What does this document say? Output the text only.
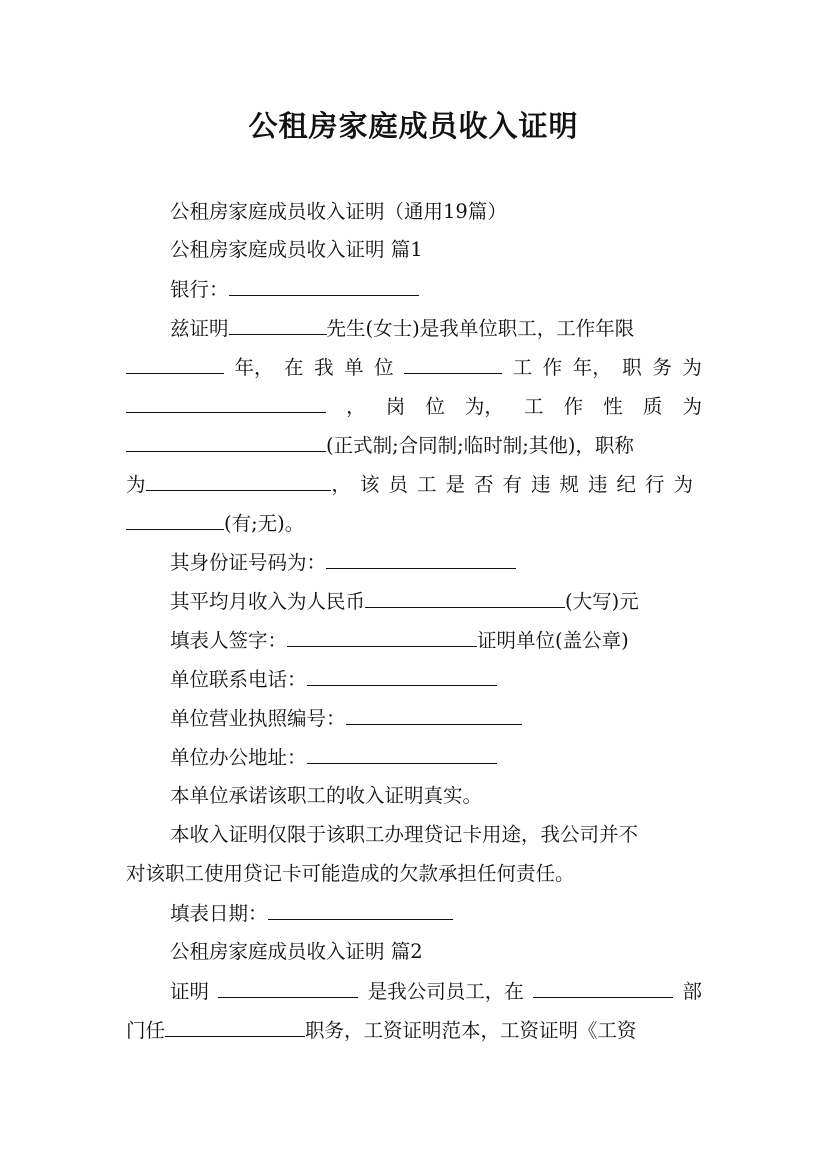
公租房家庭成员收入证明
公租房家庭成员收入证明（通用19篇）
公租房家庭成员收入证明 篇1
银行：
兹证明	先生(女士)是我单位职工，工作年限
年， 在 我 单 位	工 作 年， 职 务 为
， 岗 位 为， 工 作 性 质 为
(正式制;合同制;临时制;其他)，职称
为	，该员工是否有违规违纪行为
(有;无)。
其身份证号码为：
其平均月收入为人民币	(大写)元
填表人签字：	证明单位(盖公章)
单位联系电话：
单位营业执照编号：
单位办公地址：
本单位承诺该职工的收入证明真实。
本收入证明仅限于该职工办理贷记卡用途，我公司并不
对该职工使用贷记卡可能造成的欠款承担任何责任。
填表日期：
公租房家庭成员收入证明 篇2
证明	是我公司员工，在	部
门任	职务，工资证明范本，工资证明《工资
